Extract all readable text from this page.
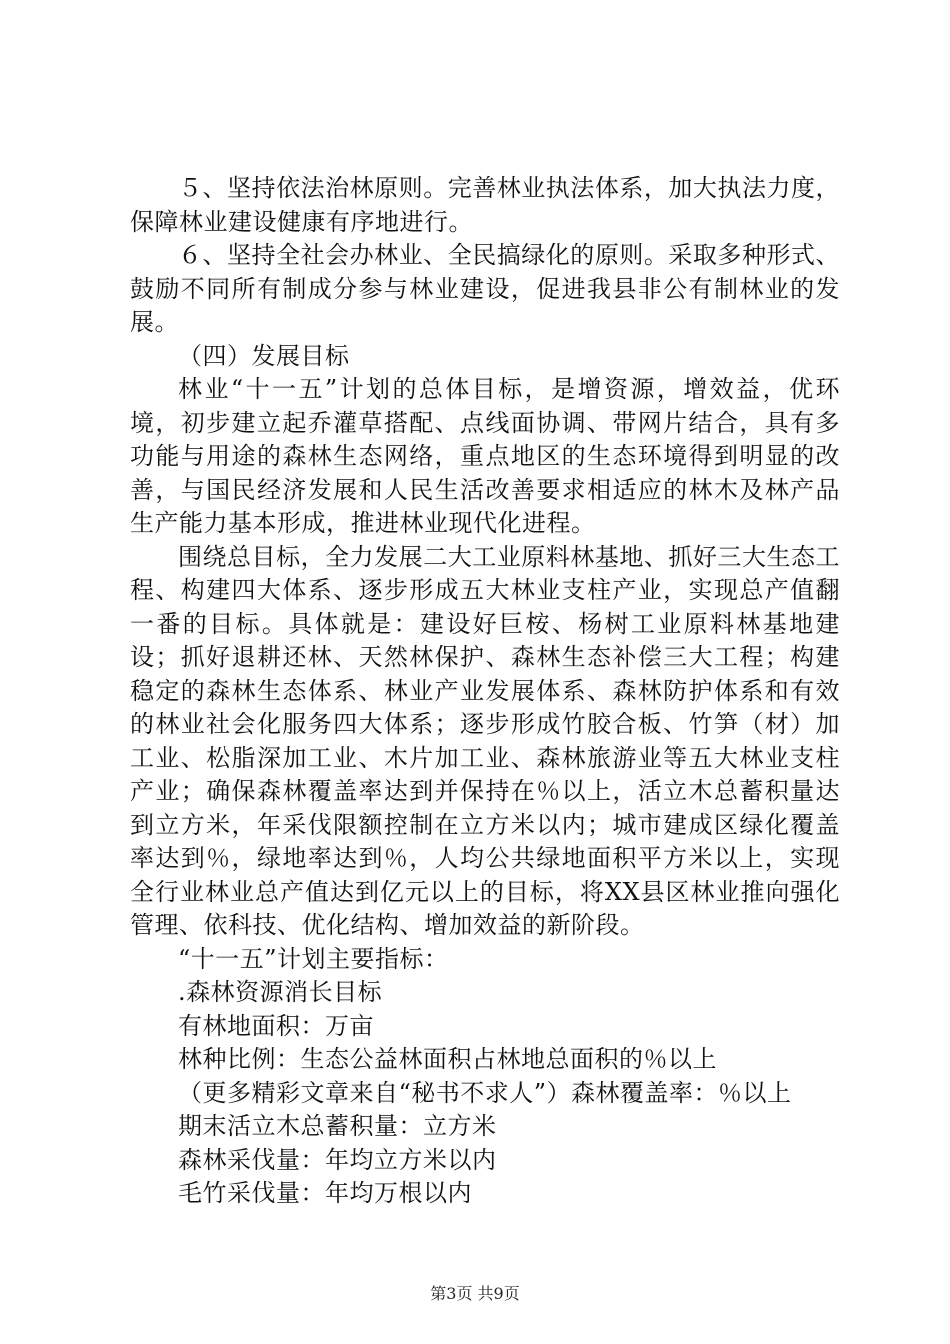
５、坚持依法治林原则。完善林业执法体系，加大执法力度，保障林业建设健康有序地进行。

６、坚持全社会办林业、全民搞绿化的原则。采取多种形式、鼓励不同所有制成分参与林业建设，促进我县非公有制林业的发展。

（四）发展目标

林业“十一五”计划的总体目标，是增资源，增效益，优环境，初步建立起乔灌草搭配、点线面协调、带网片结合，具有多功能与用途的森林生态网络，重点地区的生态环境得到明显的改善，与国民经济发展和人民生活改善要求相适应的林木及林产品生产能力基本形成，推进林业现代化进程。

围绕总目标，全力发展二大工业原料林基地、抓好三大生态工程、构建四大体系、逐步形成五大林业支柱产业，实现总产值翻一番的目标。具体就是：建设好巨桉、杨树工业原料林基地建设；抓好退耕还林、天然林保护、森林生态补偿三大工程；构建稳定的森林生态体系、林业产业发展体系、森林防护体系和有效的林业社会化服务四大体系；逐步形成竹胶合板、竹笋（材）加工业、松脂深加工业、木片加工业、森林旅游业等五大林业支柱产业；确保森林覆盖率达到并保持在％以上，活立木总蓄积量达到立方米，年采伐限额控制在立方米以内；城市建成区绿化覆盖率达到％，绿地率达到％，人均公共绿地面积平方米以上，实现全行业林业总产值达到亿元以上的目标，将XX县区林业推向强化管理、依科技、优化结构、增加效益的新阶段。

“十一五”计划主要指标：

.森林资源消长目标

有林地面积：万亩

林种比例：生态公益林面积占林地总面积的％以上

（更多精彩文章来自“秘书不求人”）森林覆盖率：％以上

期末活立木总蓄积量：立方米

森林采伐量：年均立方米以内

毛竹采伐量：年均万根以内

第3页 共9页
